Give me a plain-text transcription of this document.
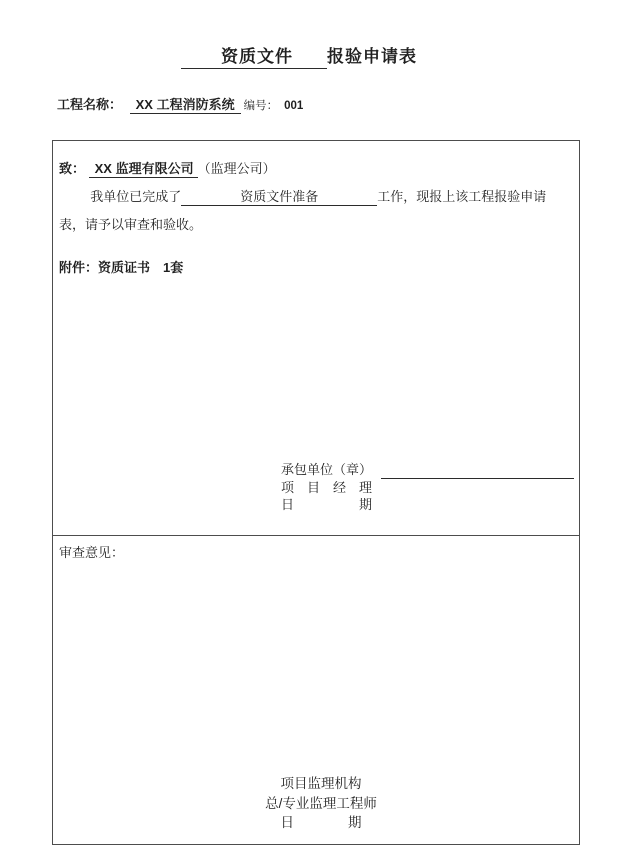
资质文件 报验申请表
工程名称： XX 工程消防系统 编号： 001
致： XX 监理有限公司 （监理公司）
我单位已完成了	资质文件准备	工作，现报上该工程报验申请表，请予以审查和验收。
附件：资质证书　1套
承包单位（章）
项　目　经　理
日　　　　　期
审查意见：
项目监理机构
总/专业监理工程师
日　　　　期
